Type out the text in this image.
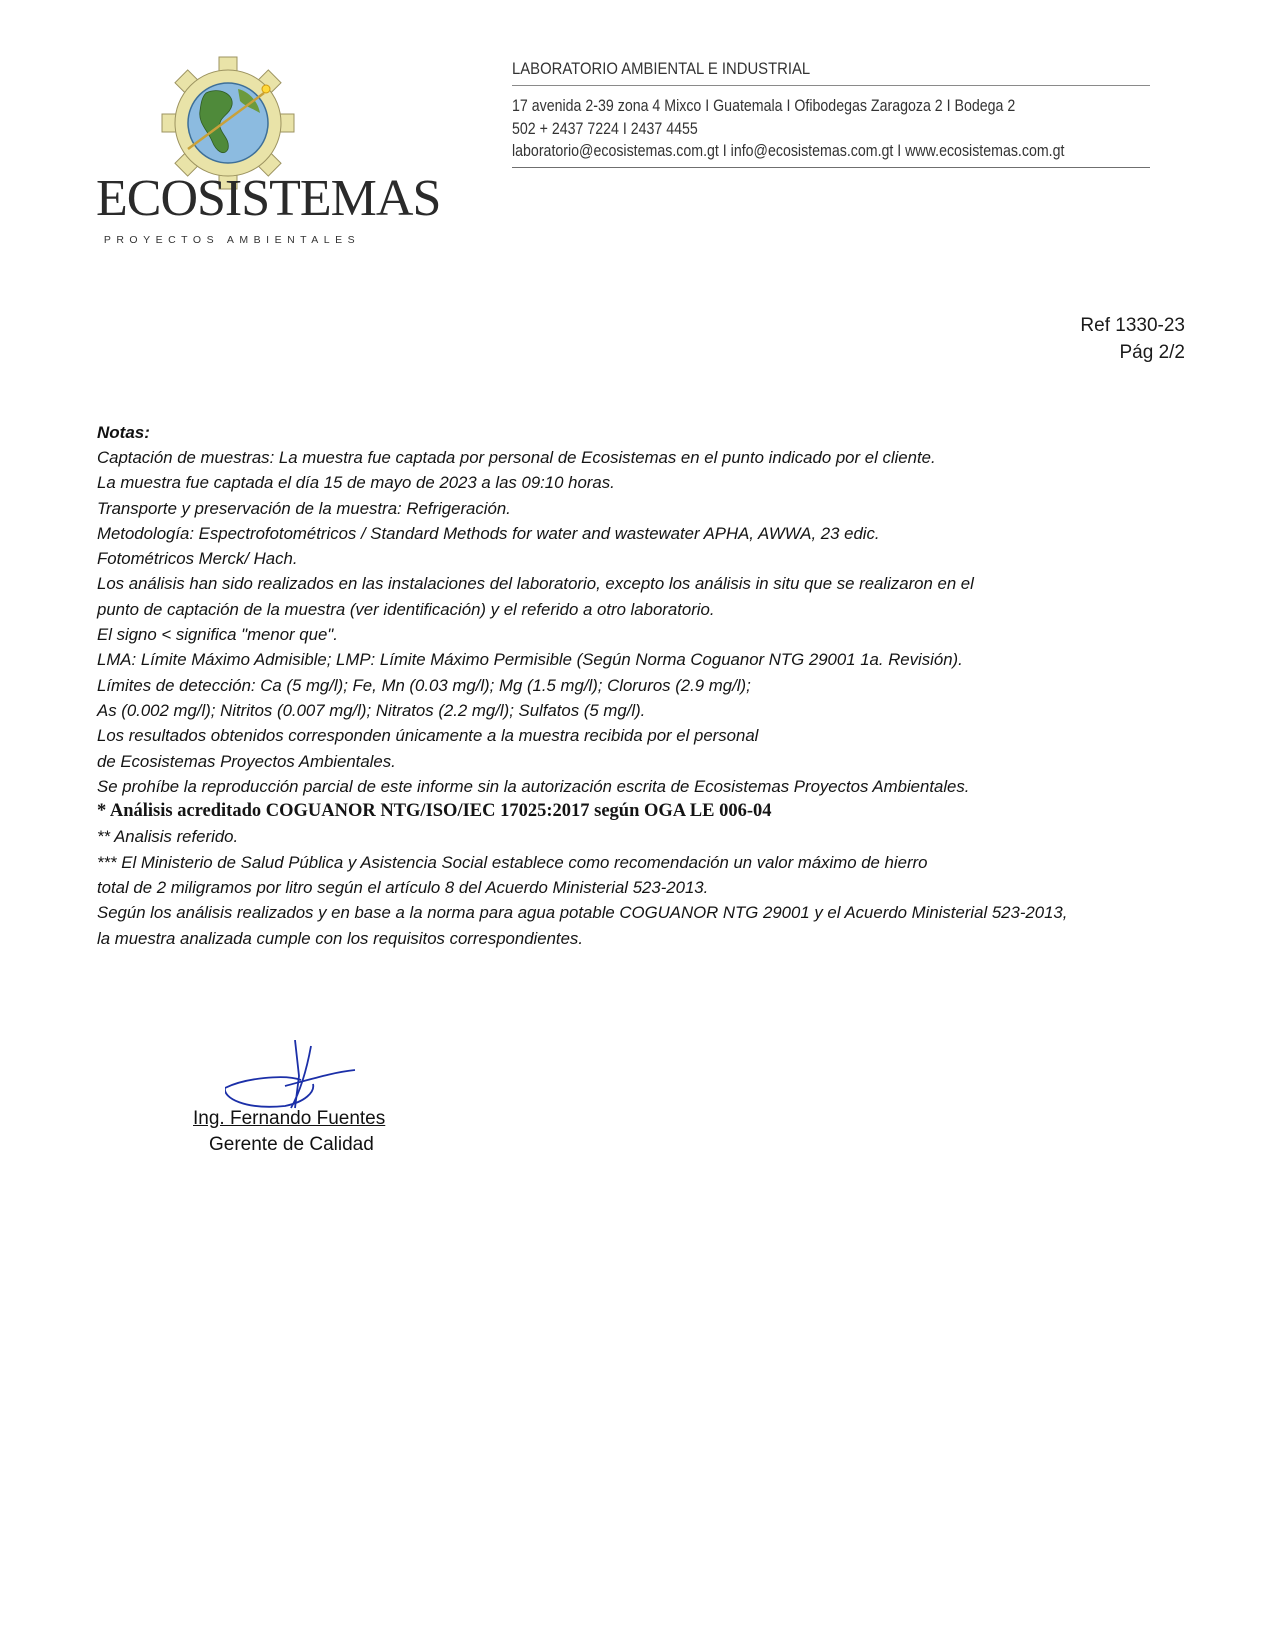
ECOSISTEMAS
PROYECTOS AMBIENTALES
LABORATORIO AMBIENTAL E INDUSTRIAL
17 avenida 2-39 zona 4 Mixco I Guatemala I Ofibodegas Zaragoza 2 I Bodega 2
502 + 2437 7224 I 2437 4455
laboratorio@ecosistemas.com.gt I info@ecosistemas.com.gt I www.ecosistemas.com.gt
Ref 1330-23
Pág 2/2
Notas:
Captación de muestras: La muestra fue captada por personal de Ecosistemas en el punto indicado por el cliente.
La muestra fue captada el día 15 de mayo de 2023 a las 09:10 horas.
Transporte y preservación de la muestra: Refrigeración.
Metodología: Espectrofotométricos / Standard Methods for water and wastewater APHA, AWWA, 23 edic.
Fotométricos Merck/ Hach.
Los análisis han sido realizados en las instalaciones del laboratorio, excepto los análisis in situ que se realizaron en el
punto de captación de la muestra (ver identificación) y el referido a otro laboratorio.
El signo < significa "menor que".
LMA: Límite Máximo Admisible; LMP: Límite Máximo Permisible (Según Norma Coguanor NTG 29001 1a. Revisión).
Límites de detección: Ca (5 mg/l); Fe, Mn (0.03 mg/l); Mg (1.5 mg/l); Cloruros (2.9 mg/l);
As (0.002 mg/l); Nitritos (0.007 mg/l); Nitratos (2.2 mg/l); Sulfatos (5 mg/l).
Los resultados obtenidos corresponden únicamente a la muestra recibida por el personal
de Ecosistemas Proyectos Ambientales.
Se prohíbe la reproducción parcial de este informe sin la autorización escrita de Ecosistemas Proyectos Ambientales.
* Análisis acreditado COGUANOR NTG/ISO/IEC 17025:2017 según OGA LE 006-04
** Analisis referido.
*** El Ministerio de Salud Pública y Asistencia Social establece como recomendación un valor máximo de hierro
total de 2 miligramos por litro según el artículo 8 del Acuerdo Ministerial 523-2013.
Según los análisis realizados y en base a la norma para agua potable COGUANOR NTG 29001 y el Acuerdo Ministerial 523-2013,
la muestra analizada cumple con los requisitos correspondientes.
Ing. Fernando Fuentes
Gerente de Calidad
